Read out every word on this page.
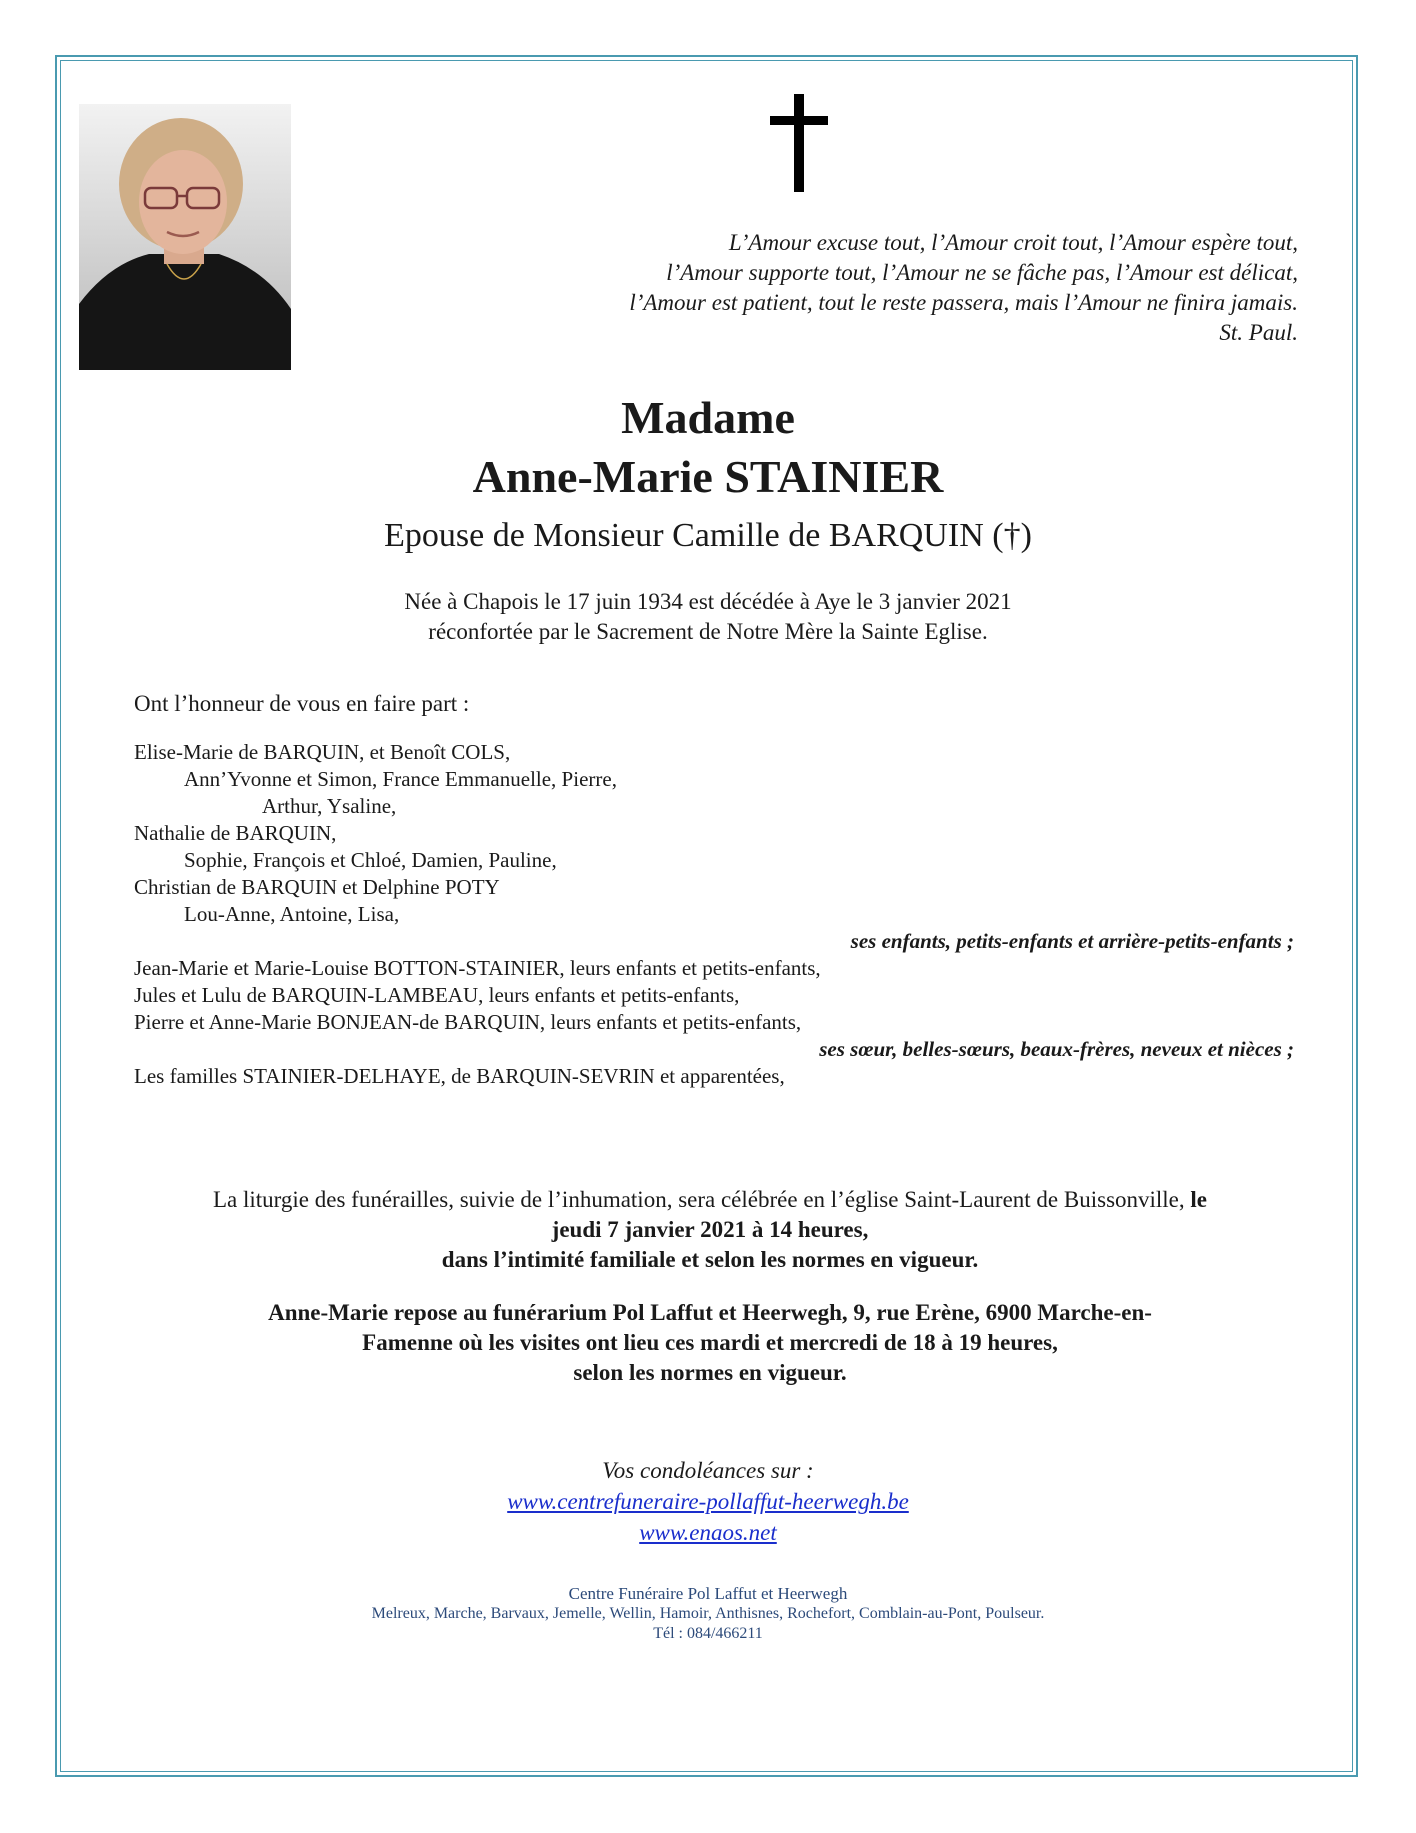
L’Amour excuse tout, l’Amour croit tout, l’Amour espère tout,
l’Amour supporte tout, l’Amour ne se fâche pas, l’Amour est délicat,
l’Amour est patient, tout le reste passera, mais l’Amour ne finira jamais.
St. Paul.
Madame
Anne-Marie STAINIER
Epouse de Monsieur Camille de BARQUIN (†)
Née à Chapois le 17 juin 1934 est décédée à Aye le 3 janvier 2021
réconfortée par le Sacrement de Notre Mère la Sainte Eglise.
Ont l’honneur de vous en faire part :
Elise-Marie de BARQUIN, et Benoît COLS,
Ann’Yvonne et Simon, France Emmanuelle, Pierre,
Arthur, Ysaline,
Nathalie de BARQUIN,
Sophie, François et Chloé, Damien, Pauline,
Christian de BARQUIN et Delphine POTY
Lou-Anne, Antoine, Lisa,
ses enfants, petits-enfants et arrière-petits-enfants ;
Jean-Marie et Marie-Louise BOTTON-STAINIER, leurs enfants et petits-enfants,
Jules et Lulu de BARQUIN-LAMBEAU, leurs enfants et petits-enfants,
Pierre et Anne-Marie BONJEAN-de BARQUIN, leurs enfants et petits-enfants,
ses sœur, belles-sœurs, beaux-frères, neveux et nièces ;
Les familles STAINIER-DELHAYE, de BARQUIN-SEVRIN et apparentées,
La liturgie des funérailles, suivie de l’inhumation, sera célébrée en l’église Saint-Laurent de Buissonville, le jeudi 7 janvier 2021 à 14 heures,
dans l’intimité familiale et selon les normes en vigueur.
Anne-Marie repose au funérarium Pol Laffut et Heerwegh, 9, rue Erène, 6900 Marche-en-
Famenne où les visites ont lieu ces mardi et mercredi de 18 à 19 heures,
selon les normes en vigueur.
Vos condoléances sur :
www.centrefuneraire-pollaffut-heerwegh.be
www.enaos.net
Centre Funéraire Pol Laffut et Heerwegh
Melreux, Marche, Barvaux, Jemelle, Wellin, Hamoir, Anthisnes, Rochefort, Comblain-au-Pont, Poulseur.
Tél : 084/466211
